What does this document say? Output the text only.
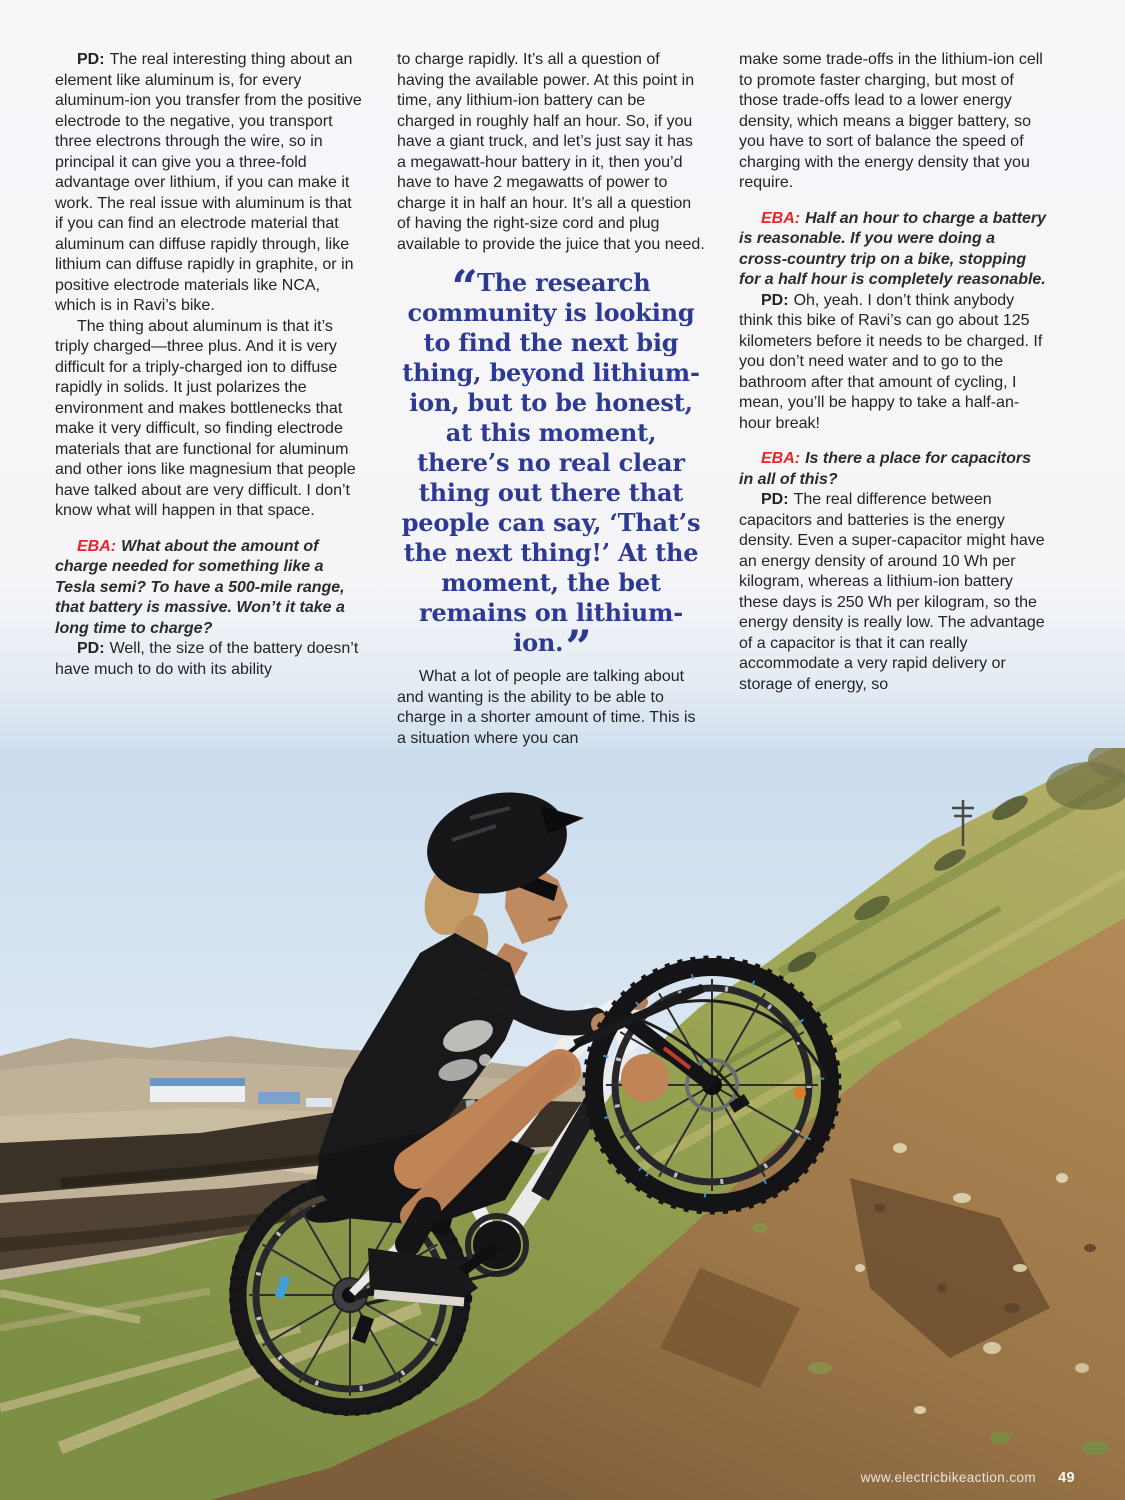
PD: The real interesting thing about an element like aluminum is, for every aluminum-ion you transfer from the positive electrode to the negative, you transport three electrons through the wire, so in principal it can give you a three-fold advantage over lithium, if you can make it work. The real issue with aluminum is that if you can find an electrode material that aluminum can diffuse rapidly through, like lithium can diffuse rapidly in graphite, or in positive electrode materials like NCA, which is in Ravi’s bike.

The thing about aluminum is that it’s triply charged—three plus. And it is very difficult for a triply-charged ion to diffuse rapidly in solids. It just polarizes the environment and makes bottlenecks that make it very difficult, so finding electrode materials that are functional for aluminum and other ions like magnesium that people have talked about are very difficult. I don’t know what will happen in that space.

EBA: What about the amount of charge needed for something like a Tesla semi? To have a 500-mile range, that battery is massive. Won’t it take a long time to charge?

PD: Well, the size of the battery doesn’t have much to do with its ability

to charge rapidly. It’s all a question of having the available power. At this point in time, any lithium-ion battery can be charged in roughly half an hour. So, if you have a giant truck, and let’s just say it has a megawatt-hour battery in it, then you’d have to have 2 megawatts of power to charge it in half an hour. It’s all a question of having the right-size cord and plug available to provide the juice that you need.

“The research community is looking to find the next big thing, beyond lithium-ion, but to be honest, at this moment, there’s no real clear thing out there that people can say, ‘That’s the next thing!’ At the moment, the bet remains on lithium-ion.”

What a lot of people are talking about and wanting is the ability to be able to charge in a shorter amount of time. This is a situation where you can

make some trade-offs in the lithium-ion cell to promote faster charging, but most of those trade-offs lead to a lower energy density, which means a bigger battery, so you have to sort of balance the speed of charging with the energy density that you require.

EBA: Half an hour to charge a battery is reasonable. If you were doing a cross-country trip on a bike, stopping for a half hour is completely reasonable.

PD: Oh, yeah. I don’t think anybody think this bike of Ravi’s can go about 125 kilometers before it needs to be charged. If you don’t need water and to go to the bathroom after that amount of cycling, I mean, you’ll be happy to take a half-an-hour break!

EBA: Is there a place for capacitors in all of this?

PD: The real difference between capacitors and batteries is the energy density. Even a super-capacitor might have an energy density of around 10 Wh per kilogram, whereas a lithium-ion battery these days is 250 Wh per kilogram, so the energy density is really low. The advantage of a capacitor is that it can really accommodate a very rapid delivery or storage of energy, so

www.electricbikeaction.com 49
